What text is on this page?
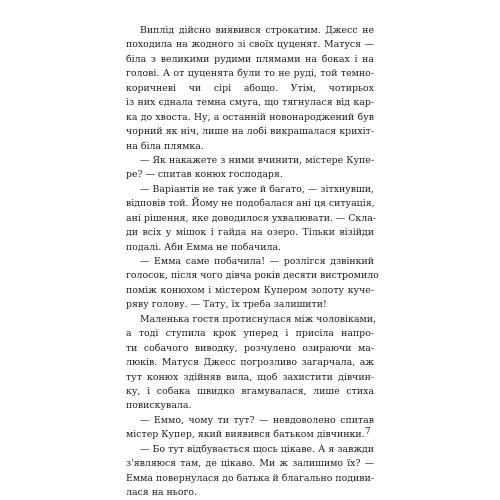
Виплід дійсно виявився строкатим. Джесс не
походила на жодного зі своїх цуценят. Матуся —
біла з великими рудими плямами на боках і на
голові. А от цуценята були то не руді, той темно-
коричневі чи сірі абощо. Утім, чотирьох
із них єднала темна смуга, що тягнулася від кар-
ка до хвоста. Ну, а останній новонароджений був
чорний як ніч, лише на лобі викрашалася крихіт-
на біла плямка.
— Як накажете з ними вчинити, містере Купе-
ре? — спитав конюх господаря.
— Варіантів не так уже й багато, — зітхнувши,
відповів той. Йому не подобалася ані ця ситуація,
ані рішення, яке доводилося ухвалювати. — Скла-
ди всіх у мішок і гайда на озеро. Тільки візійди
подалі. Аби Емма не побачила.
— Емма саме побачила! — розлігся дзвінкий
голосок, після чого дівча років десяти вистромило
поміж конюхом і містером Купером золоту куче-
ряву голову. — Тату, їх треба залишити!
Маленька гостя протиснулася між чоловіками,
а тоді ступила крок уперед і присіла напро-
ти собачого виводку, розчулено озираючи ма-
люків. Матуся Джесс погрозливо загарчала, аж
тут конюх здійняв вила, щоб захистити дівчин-
ку, і собака швидко вгамувалася, лише стиха
повискувала.
— Еммо, чому ти тут? — невдоволено спитав
містер Купер, який виявився батьком дівчинки.
— Бо тут відбувається щось цікаве. А я завжди
з'являюся там, де цікаво. Ми ж залишимо їх? —
Емма повернулася до батька й благально подиви-
лася на нього.
7
